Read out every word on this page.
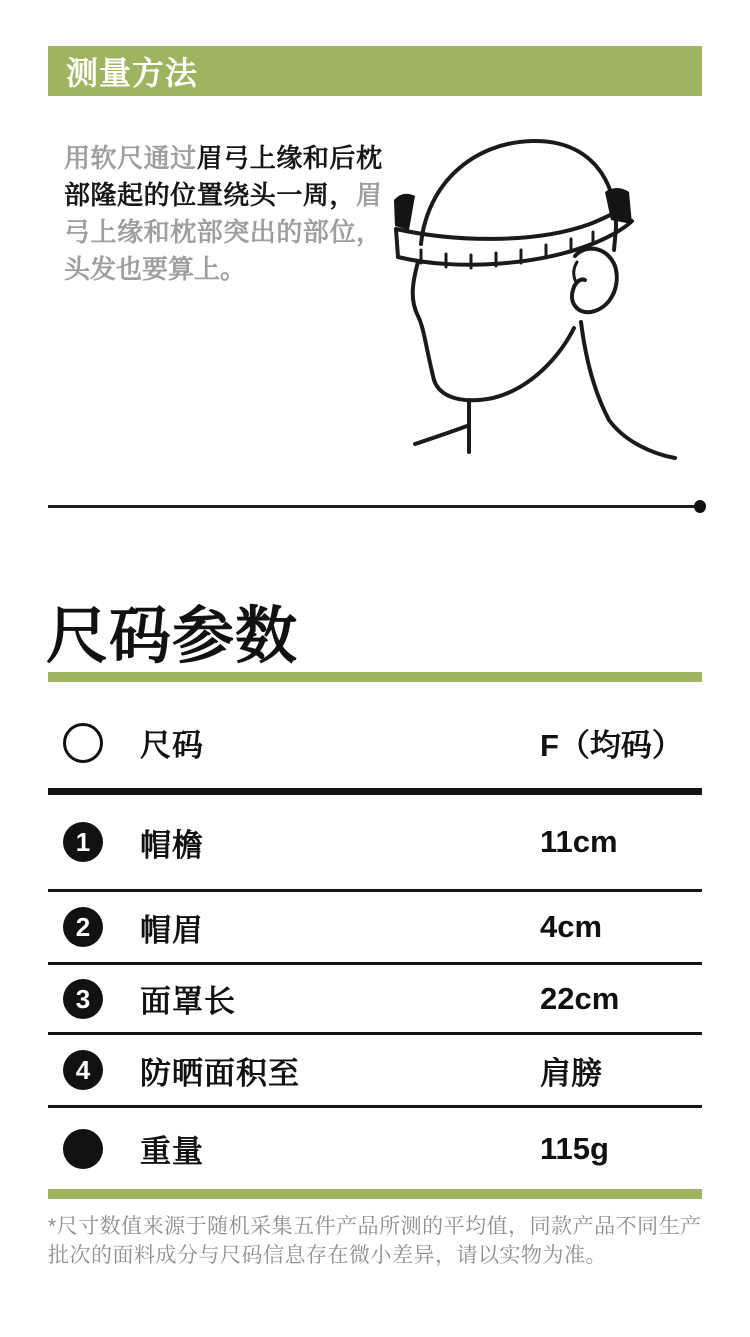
测量方法
用软尺通过眉弓上缘和后枕部隆起的位置绕头一周，眉弓上缘和枕部突出的部位，头发也要算上。
尺码参数
尺码	F（均码）
1	帽檐	11cm
2	帽眉	4cm
3	面罩长	22cm
4	防晒面积至	肩膀
重量	115g
*尺寸数值来源于随机采集五件产品所测的平均值，同款产品不同生产批次的面料成分与尺码信息存在微小差异，请以实物为准。
